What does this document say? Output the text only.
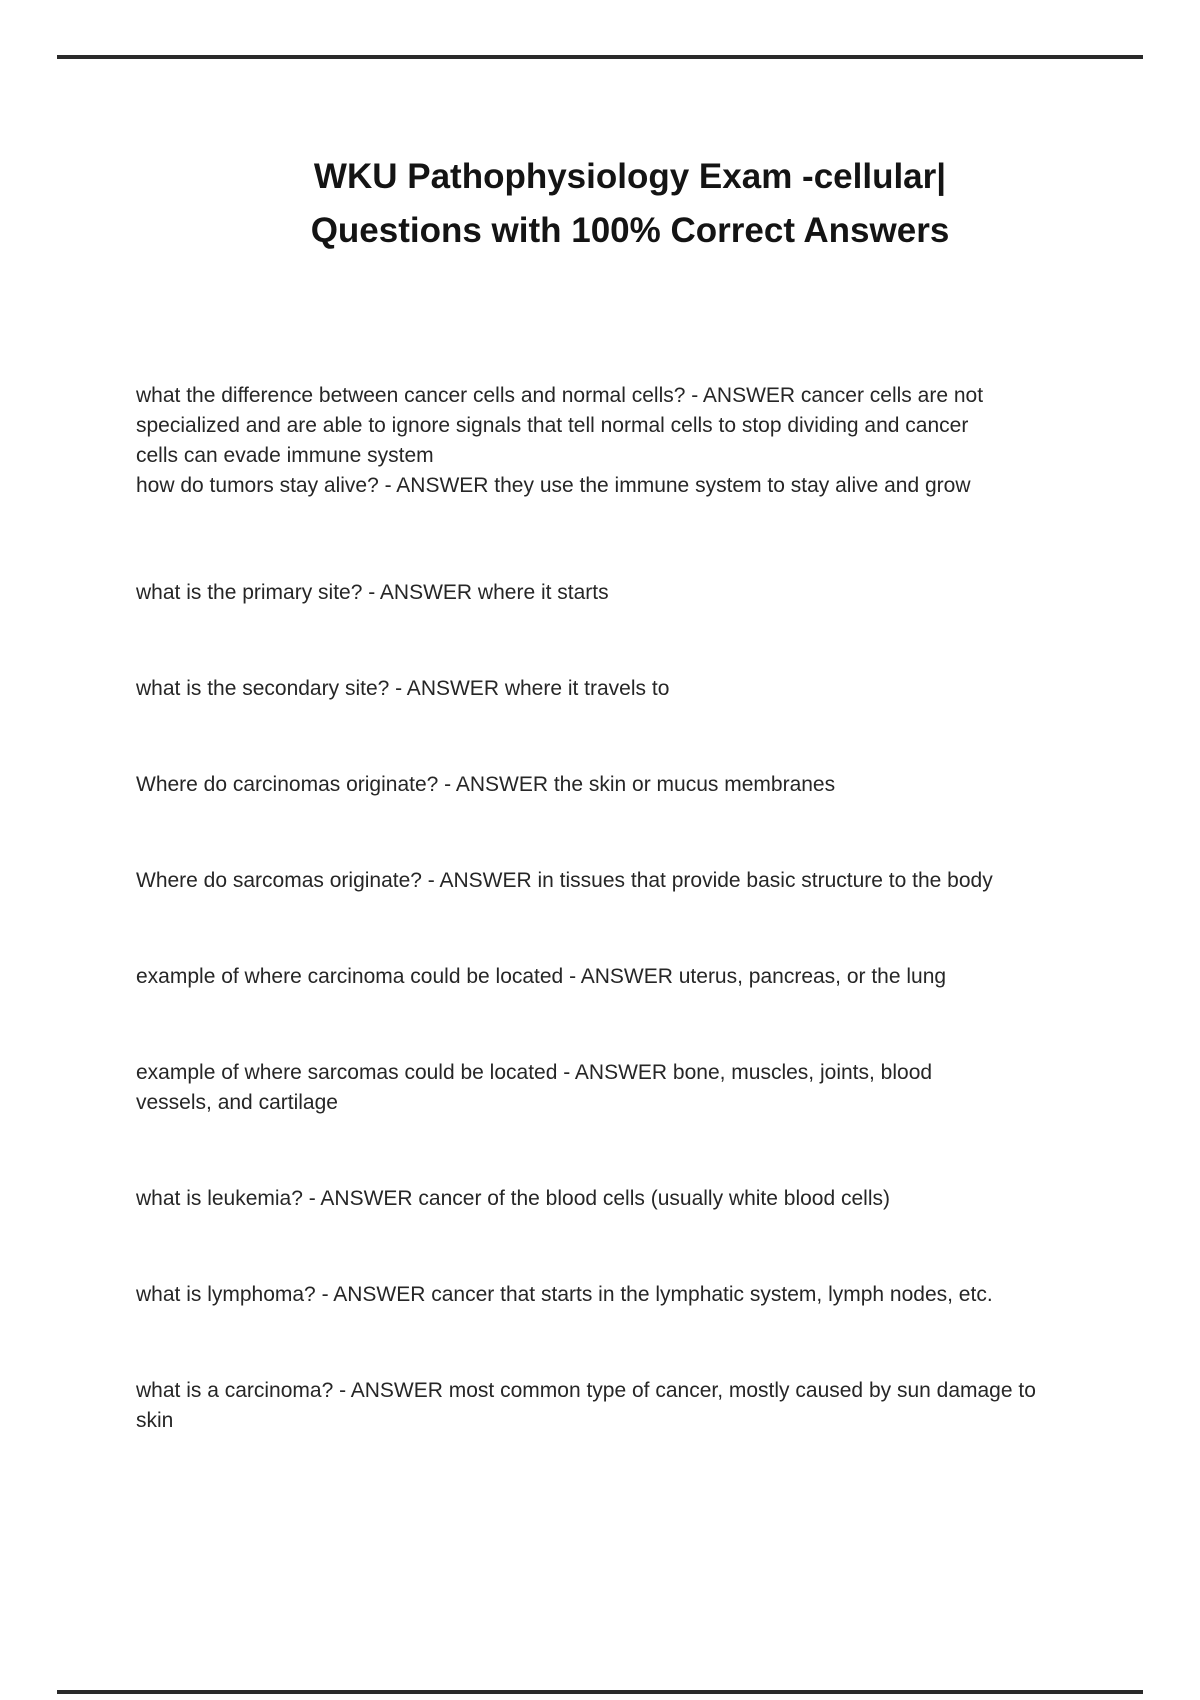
WKU Pathophysiology Exam -cellular|
Questions with 100% Correct Answers

what the difference between cancer cells and normal cells? - ANSWER cancer cells are not specialized and are able to ignore signals that tell normal cells to stop dividing and cancer cells can evade immune system

how do tumors stay alive? - ANSWER they use the immune system to stay alive and grow

what is the primary site? - ANSWER where it starts

what is the secondary site? - ANSWER where it travels to

Where do carcinomas originate? - ANSWER the skin or mucus membranes

Where do sarcomas originate? - ANSWER in tissues that provide basic structure to the body

example of where carcinoma could be located - ANSWER uterus, pancreas, or the lung

example of where sarcomas could be located - ANSWER bone, muscles, joints, blood vessels, and cartilage

what is leukemia? - ANSWER cancer of the blood cells (usually white blood cells)

what is lymphoma? - ANSWER cancer that starts in the lymphatic system, lymph nodes, etc.

what is a carcinoma? - ANSWER most common type of cancer, mostly caused by sun damage to skin
